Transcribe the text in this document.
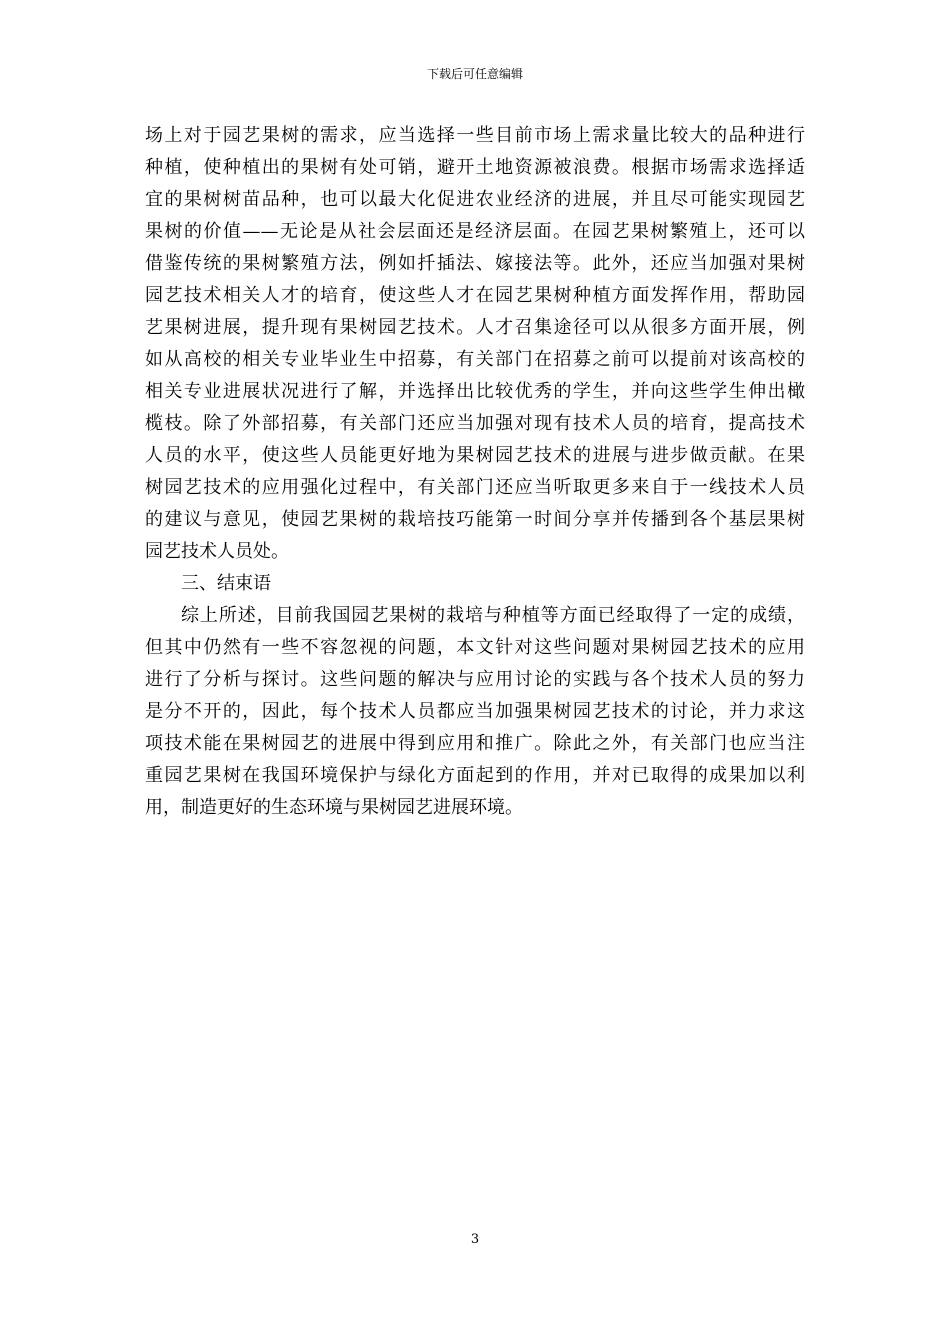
下载后可任意编辑
场上对于园艺果树的需求，应当选择一些目前市场上需求量比较大的品种进行
种植，使种植出的果树有处可销，避开土地资源被浪费。根据市场需求选择适
宜的果树树苗品种，也可以最大化促进农业经济的进展，并且尽可能实现园艺
果树的价值——无论是从社会层面还是经济层面。在园艺果树繁殖上，还可以
借鉴传统的果树繁殖方法，例如扦插法、嫁接法等。此外，还应当加强对果树
园艺技术相关人才的培育，使这些人才在园艺果树种植方面发挥作用，帮助园
艺果树进展，提升现有果树园艺技术。人才召集途径可以从很多方面开展，例
如从高校的相关专业毕业生中招募，有关部门在招募之前可以提前对该高校的
相关专业进展状况进行了解，并选择出比较优秀的学生，并向这些学生伸出橄
榄枝。除了外部招募，有关部门还应当加强对现有技术人员的培育，提高技术
人员的水平，使这些人员能更好地为果树园艺技术的进展与进步做贡献。在果
树园艺技术的应用强化过程中，有关部门还应当听取更多来自于一线技术人员
的建议与意见，使园艺果树的栽培技巧能第一时间分享并传播到各个基层果树
园艺技术人员处。
三、结束语
综上所述，目前我国园艺果树的栽培与种植等方面已经取得了一定的成绩，
但其中仍然有一些不容忽视的问题，本文针对这些问题对果树园艺技术的应用
进行了分析与探讨。这些问题的解决与应用讨论的实践与各个技术人员的努力
是分不开的，因此，每个技术人员都应当加强果树园艺技术的讨论，并力求这
项技术能在果树园艺的进展中得到应用和推广。除此之外，有关部门也应当注
重园艺果树在我国环境保护与绿化方面起到的作用，并对已取得的成果加以利
用，制造更好的生态环境与果树园艺进展环境。
3
